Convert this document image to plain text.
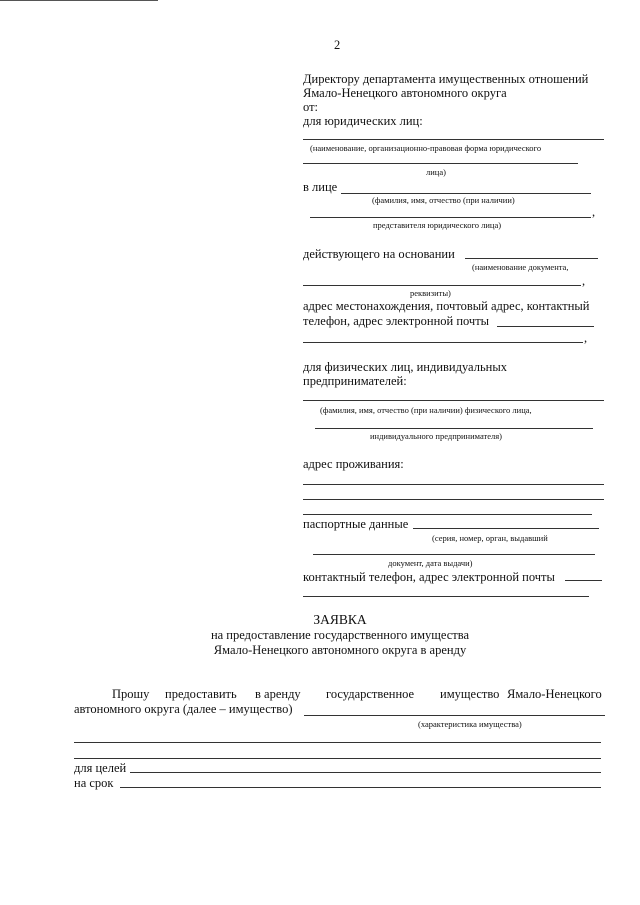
2
Директору департамента имущественных отношений
Ямало-Ненецкого автономного округа
от:
для юридических лиц:
(наименование, организационно-правовая форма юридического
лица)
в лице
(фамилия, имя, отчество (при наличии)
,
представителя юридического лица)
действующего на основании
(наименование документа,
,
реквизиты)
адрес местонахождения, почтовый адрес, контактный
телефон, адрес электронной почты
,
для физических лиц, индивидуальных
предпринимателей:
(фамилия, имя, отчество (при наличии) физического лица,
индивидуального предпринимателя)
адрес проживания:
паспортные данные
(серия, номер, орган, выдавший
документ, дата выдачи)
контактный телефон, адрес электронной почты
ЗАЯВКА
на предоставление государственного имущества
Ямало-Ненецкого автономного округа в аренду
Прошу предоставить в аренду государственное имущество Ямало-Ненецкого
автономного округа (далее – имущество)
(характеристика имущества)
для целей
на срок
